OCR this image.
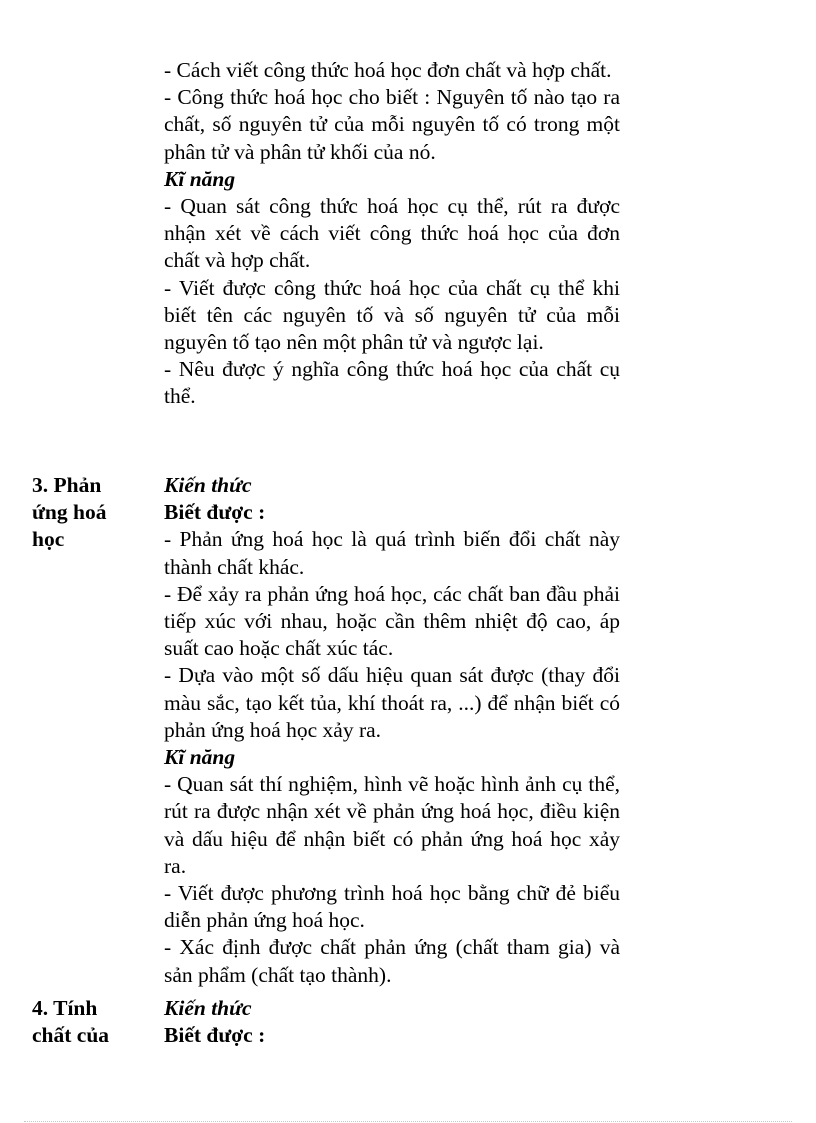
- Cách viết công thức hoá học đơn chất và hợp chất.

- Công thức hoá học cho biết : Nguyên tố nào tạo ra chất, số nguyên tử của mỗi nguyên tố có trong một phân tử và phân tử khối của nó.

Kĩ năng

- Quan sát công thức hoá học cụ thể, rút ra được nhận xét về cách viết công thức hoá học của đơn chất và hợp chất.

- Viết được công thức hoá học của chất cụ thể khi biết tên các nguyên tố và số nguyên tử của mỗi nguyên tố tạo nên một phân tử và ngược lại.

- Nêu được ý nghĩa công thức hoá học của chất cụ thể.

3. Phản
ứng hoá
học

Kiến thức

Biết được :

- Phản ứng hoá học là quá trình biến đổi chất này thành chất khác.

- Để xảy ra phản ứng hoá học, các chất ban đầu phải tiếp xúc với nhau, hoặc cần thêm nhiệt độ cao, áp suất cao hoặc chất xúc tác.

- Dựa vào một số dấu hiệu quan sát được (thay đổi màu sắc, tạo kết tủa, khí thoát ra, ...) để nhận biết có phản ứng hoá học xảy ra.

Kĩ năng

- Quan sát thí nghiệm, hình vẽ hoặc hình ảnh cụ thể, rút ra được nhận xét về phản ứng hoá học, điều kiện và dấu hiệu để nhận biết có phản ứng hoá học xảy ra.

- Viết được phương trình hoá học bằng chữ đẻ biểu diễn phản ứng hoá học.

- Xác định được chất phản ứng (chất tham gia) và sản phẩm (chất tạo thành).

4. Tính
chất của

Kiến thức

Biết được :
